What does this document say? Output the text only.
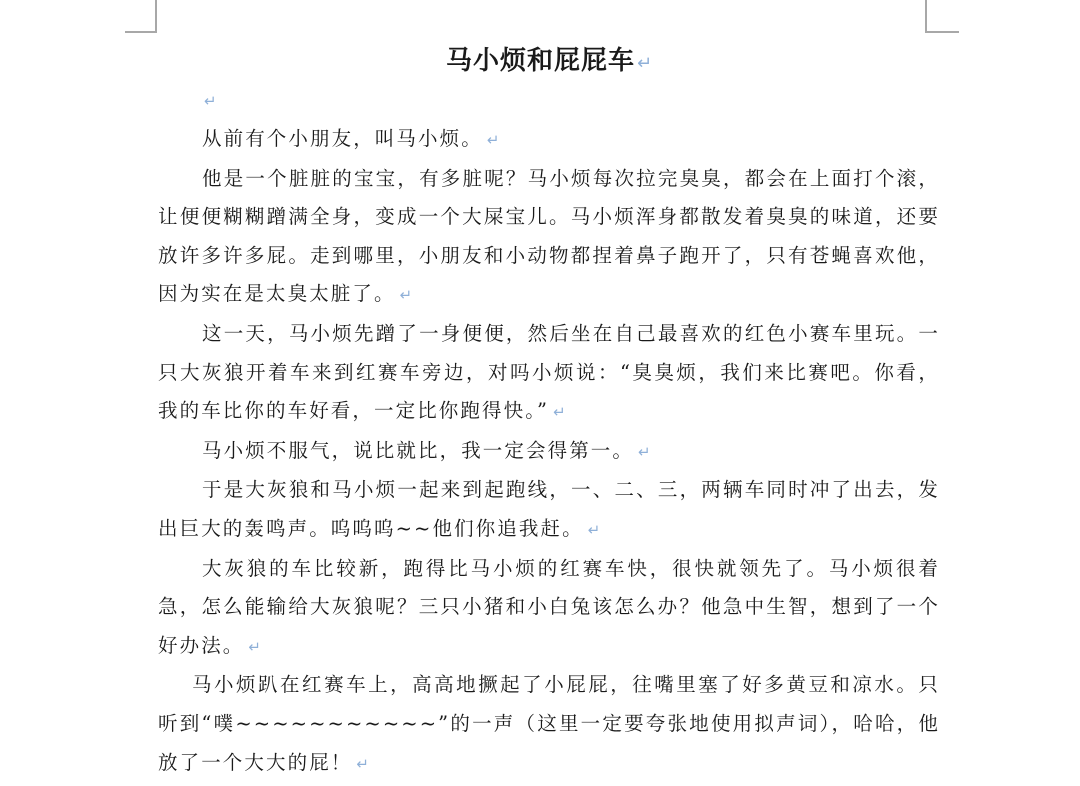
马小烦和屁屁车 ↵
↵

从前有个小朋友，叫马小烦。 ↵

他是一个脏脏的宝宝，有多脏呢？马小烦每次拉完臭臭，都会在上面打个滚，让便便糊糊蹭满全身，变成一个大屎宝儿。马小烦浑身都散发着臭臭的味道，还要放许多许多屁。走到哪里，小朋友和小动物都捏着鼻子跑开了，只有苍蝇喜欢他，因为实在是太臭太脏了。 ↵

这一天，马小烦先蹭了一身便便，然后坐在自己最喜欢的红色小赛车里玩。一只大灰狼开着车来到红赛车旁边，对吗小烦说：“臭臭烦，我们来比赛吧。你看，我的车比你的车好看，一定比你跑得快。” ↵

马小烦不服气，说比就比，我一定会得第一。 ↵

于是大灰狼和马小烦一起来到起跑线，一、二、三，两辆车同时冲了出去，发出巨大的轰鸣声。呜呜呜~~他们你追我赶。 ↵

大灰狼的车比较新，跑得比马小烦的红赛车快，很快就领先了。马小烦很着急，怎么能输给大灰狼呢？三只小猪和小白兔该怎么办？他急中生智，想到了一个好办法。 ↵

马小烦趴在红赛车上，高高地撅起了小屁屁，往嘴里塞了好多黄豆和凉水。只听到“噗~~~~~~~~~~~”的一声（这里一定要夸张地使用拟声词），哈哈，他放了一个大大的屁！ ↵
